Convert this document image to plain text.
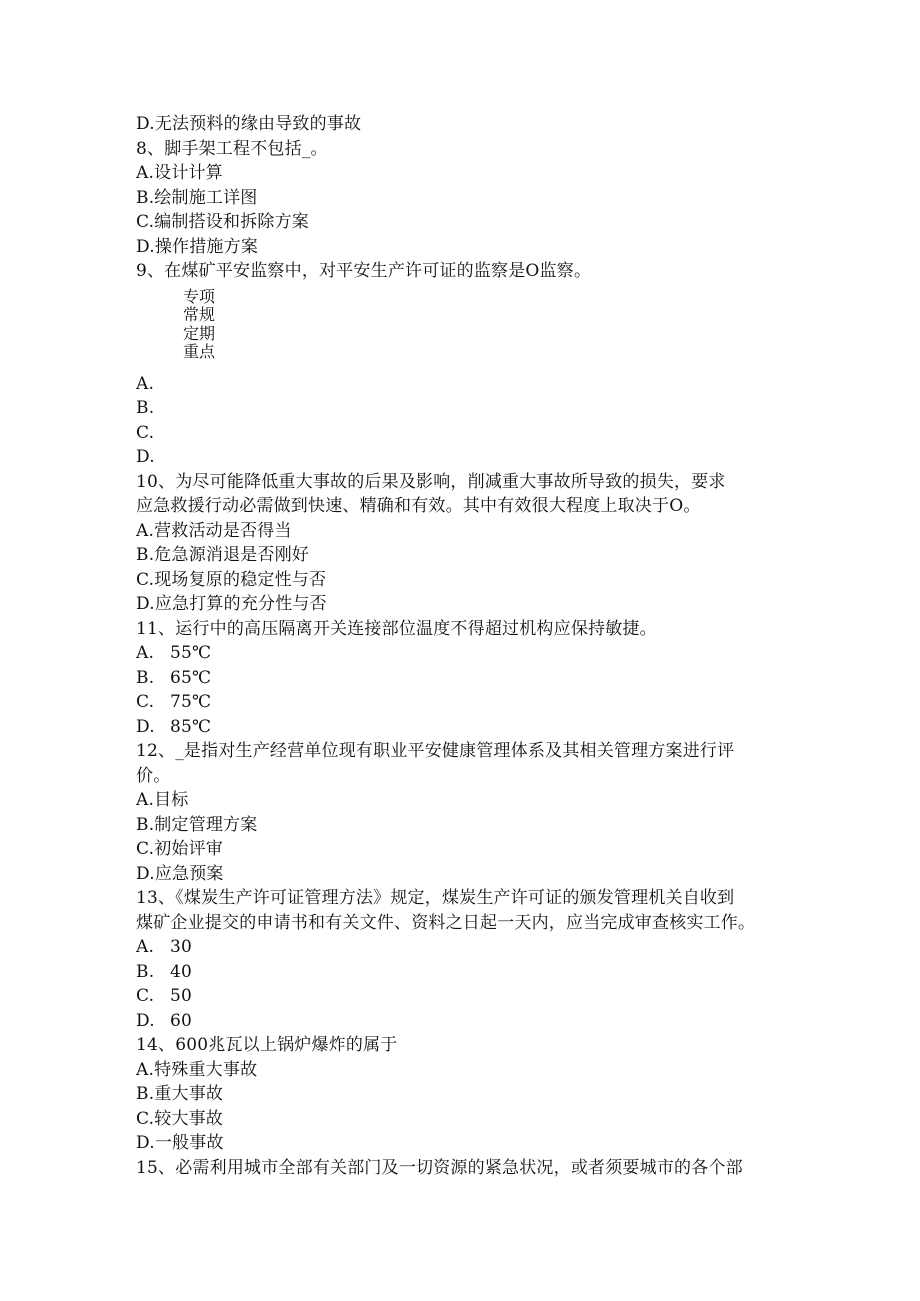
D.无法预料的缘由导致的事故
8、脚手架工程不包括_。
A.设计计算
B.绘制施工详图
C.编制搭设和拆除方案
D.操作措施方案
9、在煤矿平安监察中，对平安生产许可证的监察是O监察。
专项
常规
定期
重点
A.
B.
C.
D.
10、为尽可能降低重大事故的后果及影响，削减重大事故所导致的损失，要求
应急救援行动必需做到快速、精确和有效。其中有效很大程度上取决于O。
A.营救活动是否得当
B.危急源消退是否刚好
C.现场复原的稳定性与否
D.应急打算的充分性与否
11、运行中的高压隔离开关连接部位温度不得超过机构应保持敏捷。
A. 55℃
B. 65℃
C. 75℃
D. 85℃
12、_是指对生产经营单位现有职业平安健康管理体系及其相关管理方案进行评
价。
A.目标
B.制定管理方案
C.初始评审
D.应急预案
13、《煤炭生产许可证管理方法》规定，煤炭生产许可证的颁发管理机关自收到
煤矿企业提交的申请书和有关文件、资料之日起一天内，应当完成审查核实工作。
A. 30
B. 40
C. 50
D. 60
14、600兆瓦以上锅炉爆炸的属于
A.特殊重大事故
B.重大事故
C.较大事故
D.一般事故
15、必需利用城市全部有关部门及一切资源的紧急状况，或者须要城市的各个部
